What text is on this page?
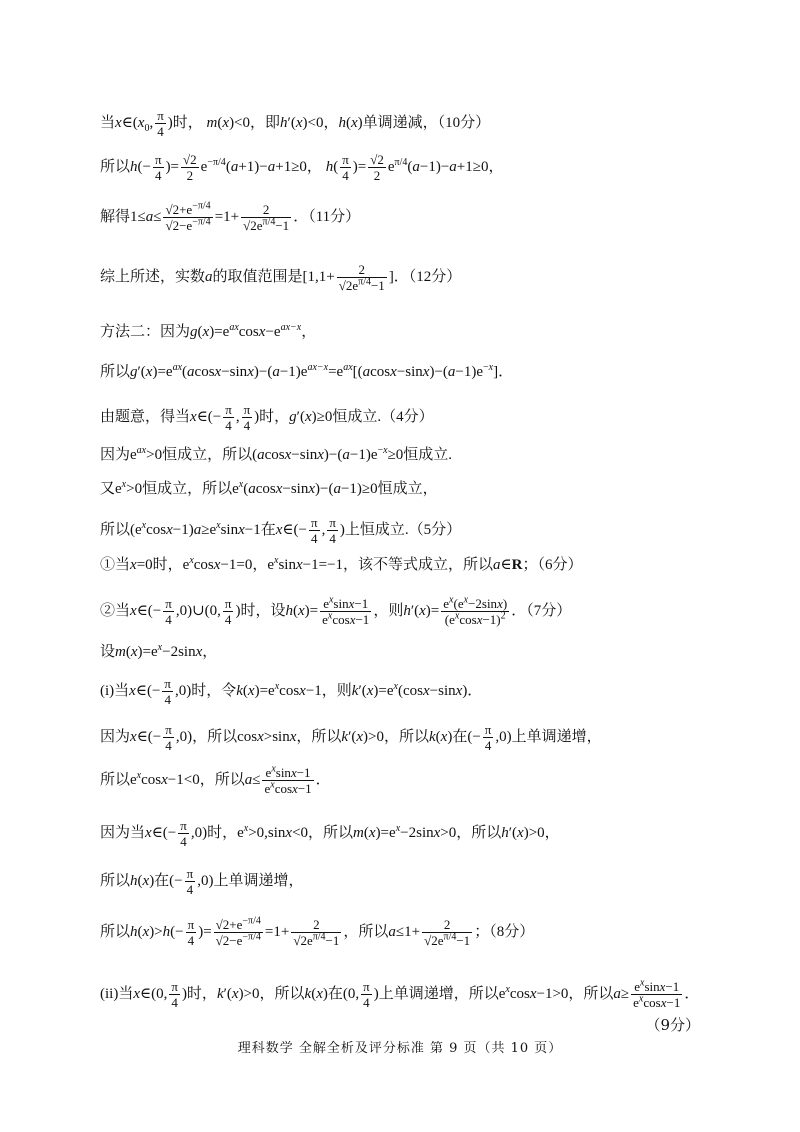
当$x\in(x_0$, $\frac{\pi}{4}$ )时， m(x)<0，即h′(x)<0，h(x)单调递减，（10分）
所以$h(- \frac{\pi}{4}$ )= $\frac{√2}{2} e^{-\pi/4}(a+1)-a+1\ge 0$， $h( \frac{\pi}{4}$ )= $\frac{√2}{2} e^{\pi/4}(a-1)-a+1\ge 0$，
解得$1\le a\le \frac{√2+e^{-\pi/4}}{√2-e^{-\pi/4}} =1+ \frac{2}{√2e^{\pi/4}-1}$ ．（11分）
综上所述，实数a的取值范围是[$1,1+ \frac{2}{√2e^{\pi/4}-1}$ ]．（12分）
方法二：因为$g(x)=e^{ax}\cos x-e^{ax-x}$，
所以$g'(x)=e^{ax}(acosx-\sin x)-(a-1)e^{ax-x}=e^{ax}[(acosx-\sin x)-(a-1)e^{-x}]$．
由题意，得当x∈(− $\frac{\pi}{4}$ , $\frac{\pi}{4}$ )时，g′(x)≥0恒成立.（4分）
因为$e^{ax}>0$恒成立，所以$(acosx-\sin x)-(a-1)e^{-x}\ge 0$恒成立.
又$e^x>0$恒成立，所以$e^x(acosx-\sin x)-(a-1)\ge 0$恒成立，
所以$(e^x\cos x-1)a\ge e^x\sin x-1$在x∈(− $\frac{\pi}{4}$ , $\frac{\pi}{4}$ )上恒成立.（5分）
①当x=0时，$e^x\cos x-1=0$，$e^x\sin x-1=-1$，该不等式成立，所以a∈R；（6分）
②当x∈(− $\frac{\pi}{4}$ ,0)∪(0, $\frac{\pi}{4}$ )时，设$h(x)= \frac{e^x\sin x-1}{e^x\cos x-1}$ ，则$h'(x)= \frac{e^x(e^x-2\sin x)}{(e^x\cos x-1)^2}$ ．（7分）
设$m(x)=e^x-2\sin x$，
(i)当x∈(− $\frac{\pi}{4} ,0$)时，令$k(x)=e^x\cos x-1$，则$k'(x)=e^x(\cos x-\sin x)$．
因为x∈(− $\frac{\pi}{4} ,0$)，所以cosx>sinx，所以k′(x)>0，所以k(x)在(− $\frac{\pi}{4} ,0$)上单调递增，
所以$e^x\cos x-1<0$，所以$a\le \frac{e^x\sin x-1}{e^x\cos x-1}$ ．
因为当x∈(− $\frac{\pi}{4} ,0$)时，$e^x>0,\sin x<0$，所以$m(x)=e^x-2\sin x>0$，所以h′(x)>0，
所以h(x)在(− $\frac{\pi}{4} ,0$)上单调递增，
所以$h(x)>h(- \frac{\pi}{4}$ )= $\frac{√2+e^{-\pi/4}}{√2-e^{-\pi/4}} =1+ \frac{2}{√2e^{\pi/4}-1}$ ，所以$a\le 1+ \frac{2}{√2e^{\pi/4}-1}$ ；（8分）
(ii)当x∈(0, $\frac{\pi}{4}$ )时，k′(x)>0，所以k(x)在(0, $\frac{\pi}{4}$ )上单调递增，所以$e^x\cos x-1>0$，所以$a\ge \frac{e^x\sin x-1}{e^x\cos x-1}$ ．
（9分）
理科数学 全解全析及评分标准 第 9 页（共 10 页）
